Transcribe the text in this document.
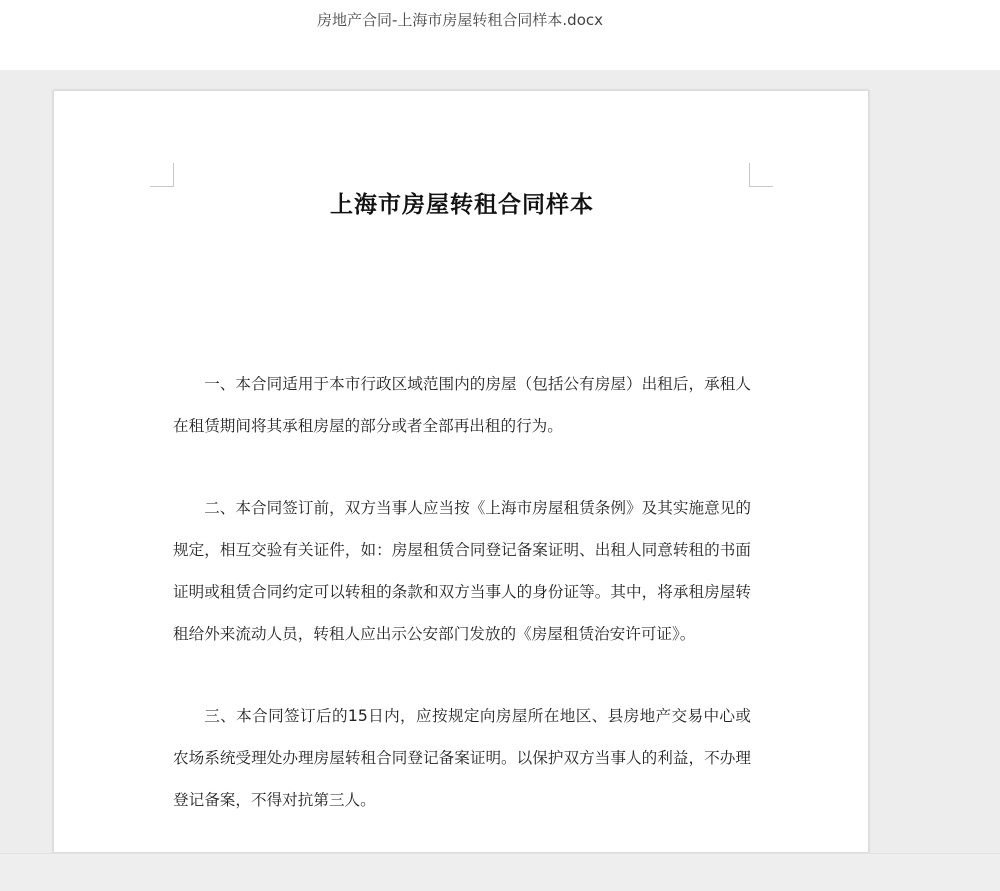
房地产合同-上海市房屋转租合同样本.docx
上海市房屋转租合同样本

一、本合同适用于本市行政区域范围内的房屋（包括公有房屋）出租后，承租人在租赁期间将其承租房屋的部分或者全部再出租的行为。

二、本合同签订前，双方当事人应当按《上海市房屋租赁条例》及其实施意见的规定，相互交验有关证件，如：房屋租赁合同登记备案证明、出租人同意转租的书面证明或租赁合同约定可以转租的条款和双方当事人的身份证等。其中，将承租房屋转租给外来流动人员，转租人应出示公安部门发放的《房屋租赁治安许可证》。

三、本合同签订后的15日内，应按规定向房屋所在地区、县房地产交易中心或农场系统受理处办理房屋转租合同登记备案证明。以保护双方当事人的利益，不办理登记备案，不得对抗第三人。
